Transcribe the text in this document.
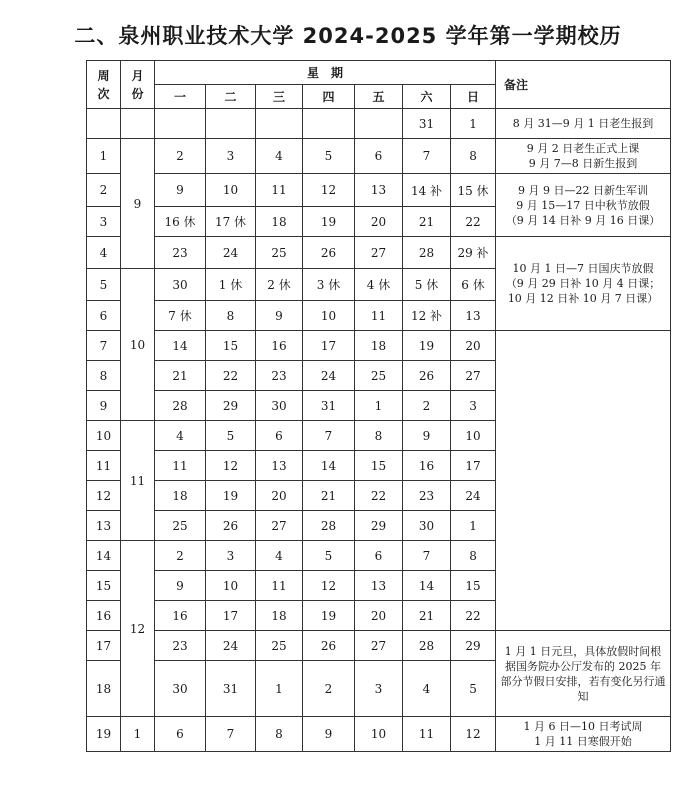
二、泉州职业技术大学 2024-2025 学年第一学期校历
周
次	月
份	星　期							备注
		一	二	三	四	五	六	日	
							31	1	8 月 31—9 月 1 日老生报到
1	9	2	3	4	5	6	7	8	9 月 2 日老生正式上课
9 月 7—8 日新生报到
2		9	10	11	12	13	14 补	15 休	9 月 9 日—22 日新生军训
9 月 15—17 日中秋节放假
（9 月 14 日补 9 月 16 日课）
3		16 休	17 休	18	19	20	21	22	
4		23	24	25	26	27	28	29 补	10 月 1 日—7 日国庆节放假
（9 月 29 日补 10 月 4 日课；
10 月 12 日补 10 月 7 日课）
5	10	30	1 休	2 休	3 休	4 休	5 休	6 休	
6		7 休	8	9	10	11	12 补	13	
7		14	15	16	17	18	19	20	
8		21	22	23	24	25	26	27	
9		28	29	30	31	1	2	3	
10	11	4	5	6	7	8	9	10	
11		11	12	13	14	15	16	17	
12		18	19	20	21	22	23	24	
13		25	26	27	28	29	30	1	
14	12	2	3	4	5	6	7	8	
15		9	10	11	12	13	14	15	
16		16	17	18	19	20	21	22	
17		23	24	25	26	27	28	29	1 月 1 日元旦，具体放假时间根据国务院办公厅发布的 2025 年部分节假日安排，若有变化另行通知
18		30	31	1	2	3	4	5	
19	1	6	7	8	9	10	11	12	1 月 6 日—10 日考试周
1 月 11 日寒假开始
